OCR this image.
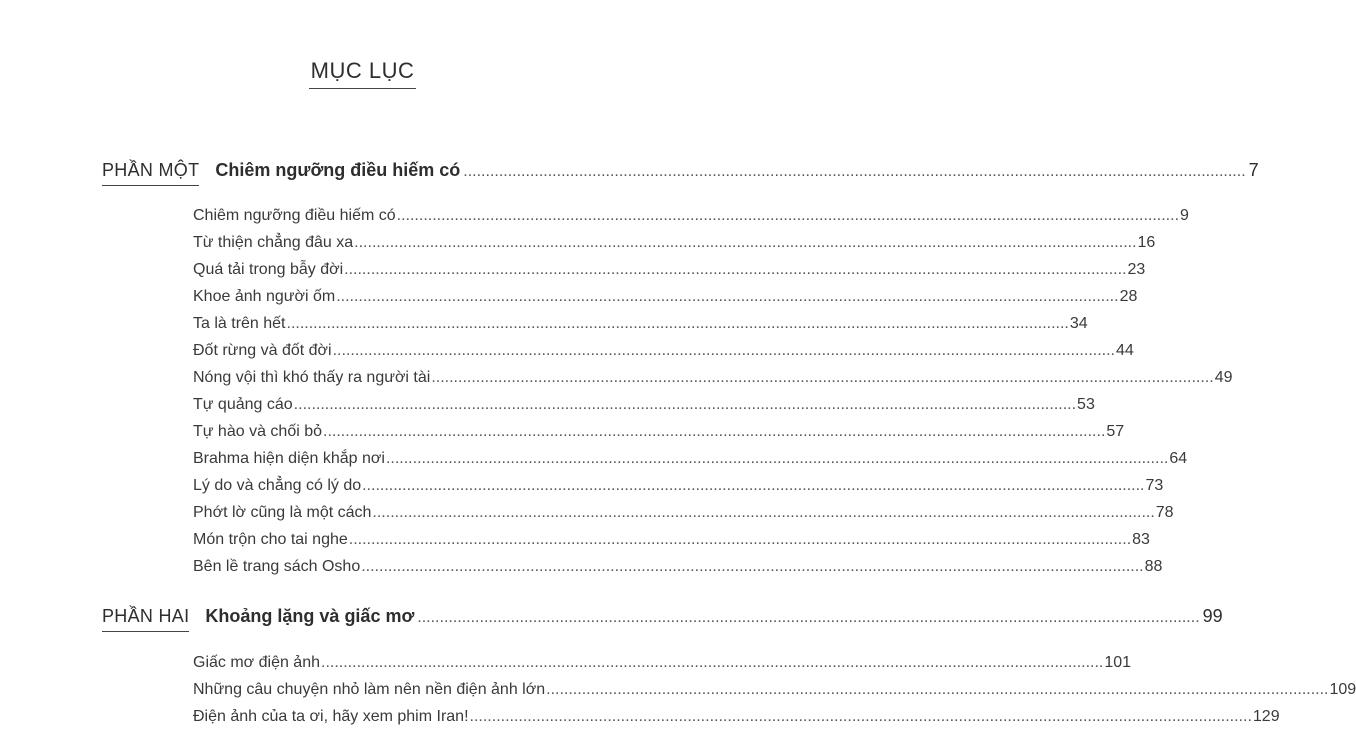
MỤC LỤC
PHẦN MỘT Chiêm ngưỡng điều hiếm có ................................................................................................................................................................................ 7
Chiêm ngưỡng điều hiếm có ................................................................................................................................................................................ 9
Từ thiện chẳng đâu xa ................................................................................................................................................................................ 16
Quá tải trong bẫy đời ................................................................................................................................................................................ 23
Khoe ảnh người ốm ................................................................................................................................................................................ 28
Ta là trên hết ................................................................................................................................................................................ 34
Đốt rừng và đốt đời ................................................................................................................................................................................ 44
Nóng vội thì khó thấy ra người tài ................................................................................................................................................................................ 49
Tự quảng cáo ................................................................................................................................................................................ 53
Tự hào và chối bỏ ................................................................................................................................................................................ 57
Brahma hiện diện khắp nơi ................................................................................................................................................................................ 64
Lý do và chẳng có lý do ................................................................................................................................................................................ 73
Phớt lờ cũng là một cách ................................................................................................................................................................................ 78
Món trộn cho tai nghe ................................................................................................................................................................................ 83
Bên lề trang sách Osho ................................................................................................................................................................................ 88
PHẦN HAI Khoảng lặng và giấc mơ ................................................................................................................................................................................ 99
Giấc mơ điện ảnh ................................................................................................................................................................................ 101
Những câu chuyện nhỏ làm nên nền điện ảnh lớn ................................................................................................................................................................................ 109
Điện ảnh của ta ơi, hãy xem phim Iran! ................................................................................................................................................................................ 129
